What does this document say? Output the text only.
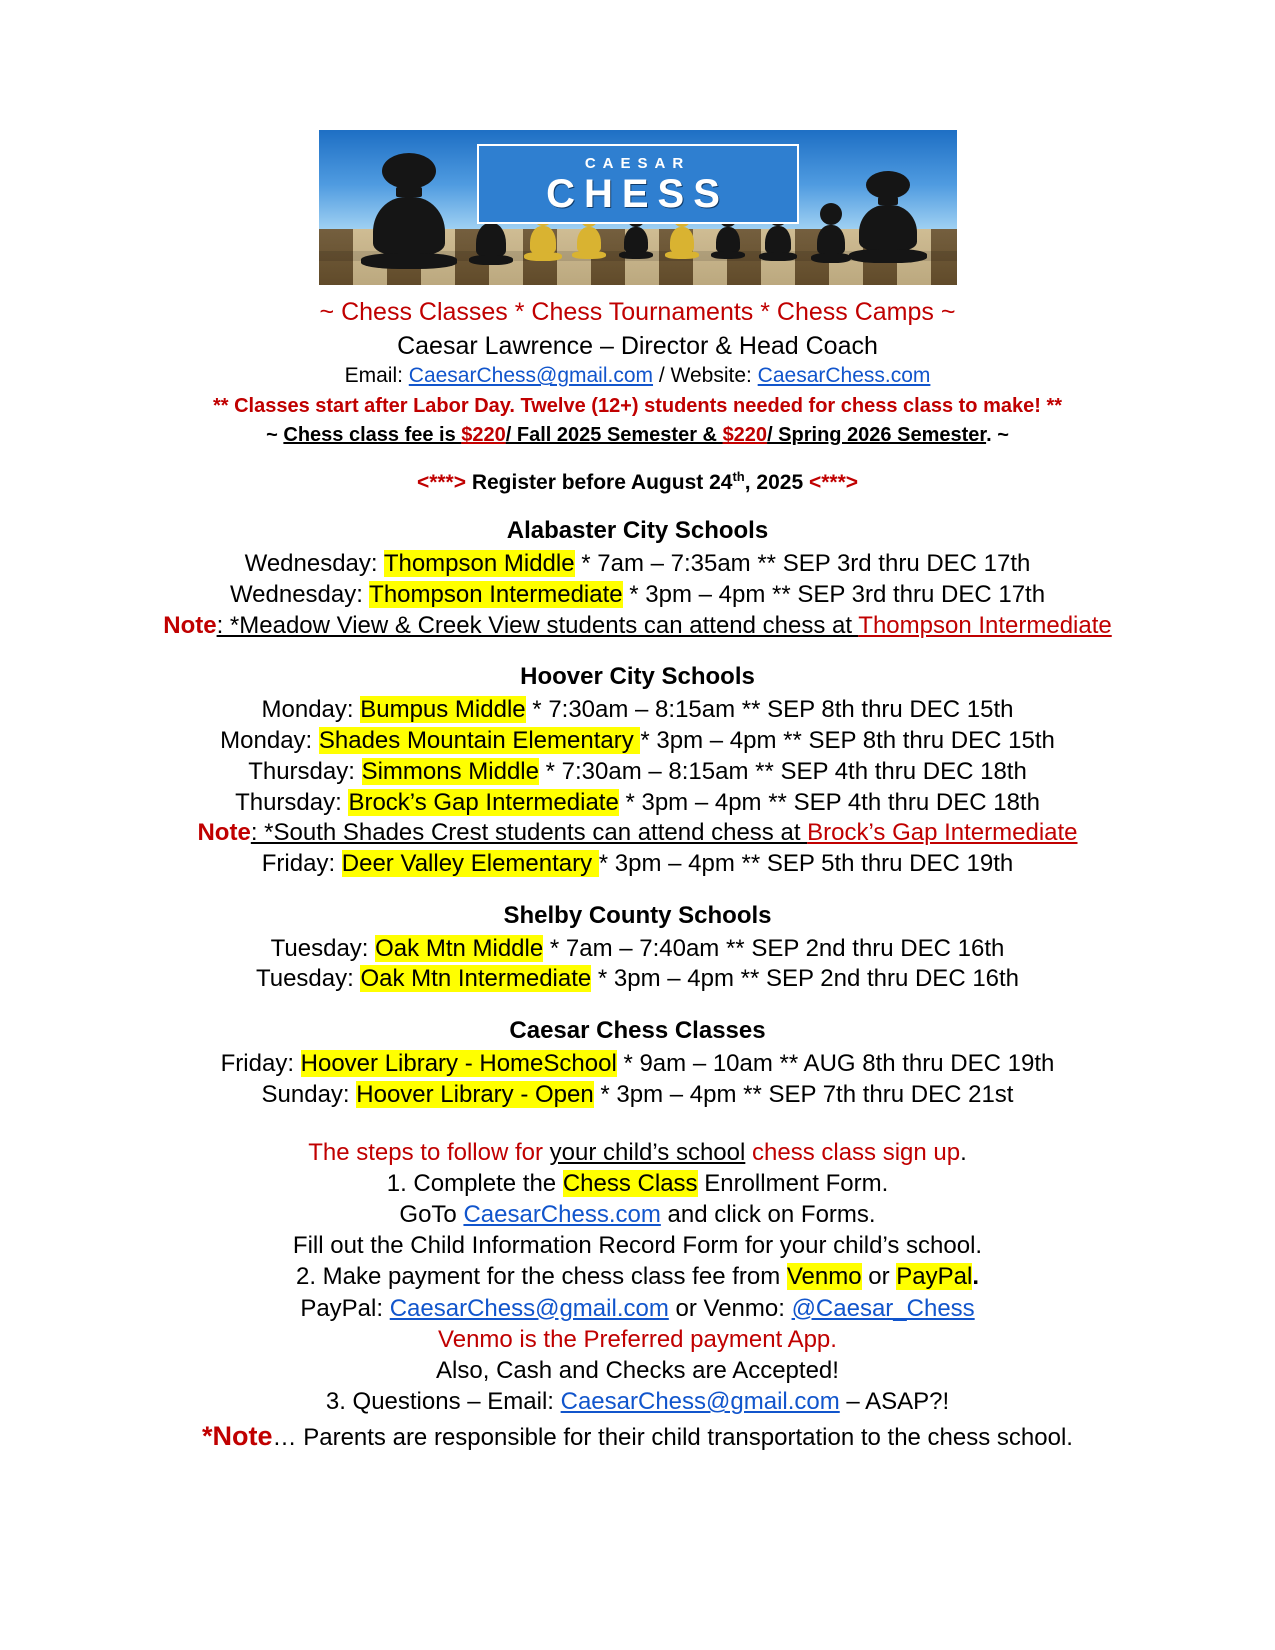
CAESAR
CHESS
~ Chess Classes * Chess Tournaments * Chess Camps ~
Caesar Lawrence – Director & Head Coach
Email: CaesarChess@gmail.com / Website: CaesarChess.com
** Classes start after Labor Day. Twelve (12+) students needed for chess class to make! **
~ Chess class fee is $220/ Fall 2025 Semester & $220/ Spring 2026 Semester. ~
<***> Register before August 24th, 2025 <***>
Alabaster City Schools
Wednesday: Thompson Middle * 7am – 7:35am ** SEP 3rd thru DEC 17th
Wednesday: Thompson Intermediate * 3pm – 4pm ** SEP 3rd thru DEC 17th
Note: *Meadow View & Creek View students can attend chess at Thompson Intermediate
Hoover City Schools
Monday: Bumpus Middle * 7:30am – 8:15am ** SEP 8th thru DEC 15th
Monday: Shades Mountain Elementary * 3pm – 4pm ** SEP 8th thru DEC 15th
Thursday: Simmons Middle * 7:30am – 8:15am ** SEP 4th thru DEC 18th
Thursday: Brock’s Gap Intermediate * 3pm – 4pm ** SEP 4th thru DEC 18th
Note: *South Shades Crest students can attend chess at Brock’s Gap Intermediate
Friday: Deer Valley Elementary * 3pm – 4pm ** SEP 5th thru DEC 19th
Shelby County Schools
Tuesday: Oak Mtn Middle * 7am – 7:40am ** SEP 2nd thru DEC 16th
Tuesday: Oak Mtn Intermediate * 3pm – 4pm ** SEP 2nd thru DEC 16th
Caesar Chess Classes
Friday: Hoover Library - HomeSchool * 9am – 10am ** AUG 8th thru DEC 19th
Sunday: Hoover Library - Open * 3pm – 4pm ** SEP 7th thru DEC 21st
The steps to follow for your child’s school chess class sign up.
1. Complete the Chess Class Enrollment Form.
GoTo CaesarChess.com and click on Forms.
Fill out the Child Information Record Form for your child’s school.
2. Make payment for the chess class fee from Venmo or PayPal.
PayPal: CaesarChess@gmail.com or Venmo: @Caesar_Chess
Venmo is the Preferred payment App.
Also, Cash and Checks are Accepted!
3. Questions – Email: CaesarChess@gmail.com – ASAP?!
*Note… Parents are responsible for their child transportation to the chess school.
